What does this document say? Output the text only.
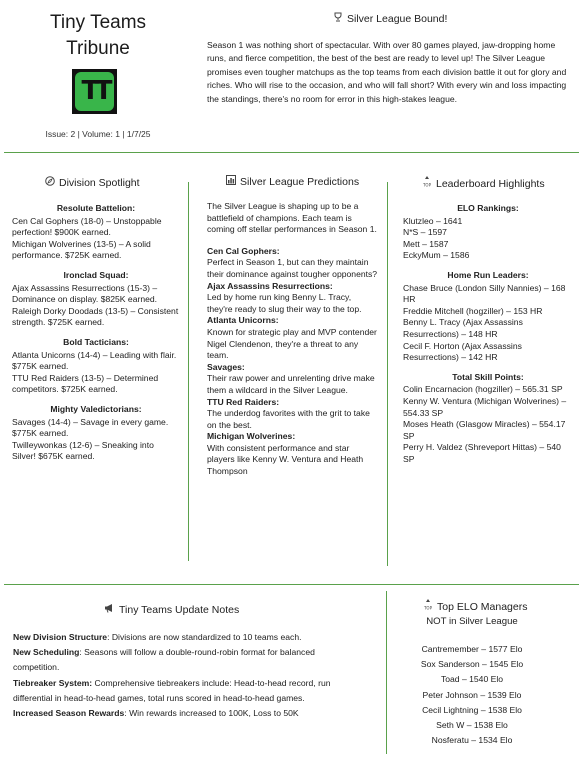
Tiny Teams
Tribune
TT
Issue: 2 | Volume: 1 | 1/7/25
Silver League Bound!
Season 1 was nothing short of spectacular. With over 80 games played, jaw-dropping home runs, and fierce competition, the best of the best are ready to level up! The Silver League promises even tougher matchups as the top teams from each division battle it out for glory and riches. Who will rise to the occasion, and who will fall short? With every win and loss impacting the standings, there's no room for error in this high-stakes league.
Division Spotlight
Resolute Battelion:
Cen Cal Gophers (18-0) – Unstoppable perfection! $900K earned.
Michigan Wolverines (13-5) – A solid performance. $725K earned.
Ironclad Squad:
Ajax Assassins Resurrections (15-3) – Dominance on display. $825K earned.
Raleigh Dorky Doodads (13-5) – Consistent strength. $725K earned.
Bold Tacticians:
Atlanta Unicorns (14-4) – Leading with flair. $775K earned.
TTU Red Raiders (13-5) – Determined competitors. $725K earned.
Mighty Valedictorians:
Savages (14-4) – Savage in every game. $775K earned.
Twilleywonkas (12-6) – Sneaking into Silver! $675K earned.
Silver League Predictions
The Silver League is shaping up to be a battlefield of champions. Each team is coming off stellar performances in Season 1.
Cen Cal Gophers:
Perfect in Season 1, but can they maintain their dominance against tougher opponents?
Ajax Assassins Resurrections:
Led by home run king Benny L. Tracy, they're ready to slug their way to the top.
Atlanta Unicorns:
Known for strategic play and MVP contender Nigel Clendenon, they're a threat to any team.
Savages:
Their raw power and unrelenting drive make them a wildcard in the Silver League.
TTU Red Raiders:
The underdog favorites with the grit to take on the best.
Michigan Wolverines:
With consistent performance and star players like Kenny W. Ventura and Heath Thompson
TOP Leaderboard Highlights
ELO Rankings:
Klutzleo – 1641
N*S – 1597
Mett – 1587
EckyMum – 1586
Home Run Leaders:
Chase Bruce (London Silly Nannies) – 168 HR
Freddie Mitchell (hogziller) – 153 HR
Benny L. Tracy (Ajax Assassins Resurrections) – 148 HR
Cecil F. Horton (Ajax Assassins Resurrections) – 142 HR
Total Skill Points:
Colin Encarnacion (hogziller) – 565.31 SP
Kenny W. Ventura (Michigan Wolverines) – 554.33 SP
Moses Heath (Glasgow Miracles) – 554.17 SP
Perry H. Valdez (Shreveport Hittas) – 540 SP
Tiny Teams Update Notes
New Division Structure: Divisions are now standardized to 10 teams each.
New Scheduling: Seasons will follow a double-round-robin format for balanced competition.
Tiebreaker System: Comprehensive tiebreakers include: Head-to-head record, run differential in head-to-head games, total runs scored in head-to-head games.
Increased Season Rewards: Win rewards increased to 100K, Loss to 50K
TOP Top ELO Managers
NOT in Silver League
Cantremember – 1577 Elo
Sox Sanderson – 1545 Elo
Toad – 1540 Elo
Peter Johnson – 1539 Elo
Cecil Lightning – 1538 Elo
Seth W – 1538 Elo
Nosferatu – 1534 Elo
